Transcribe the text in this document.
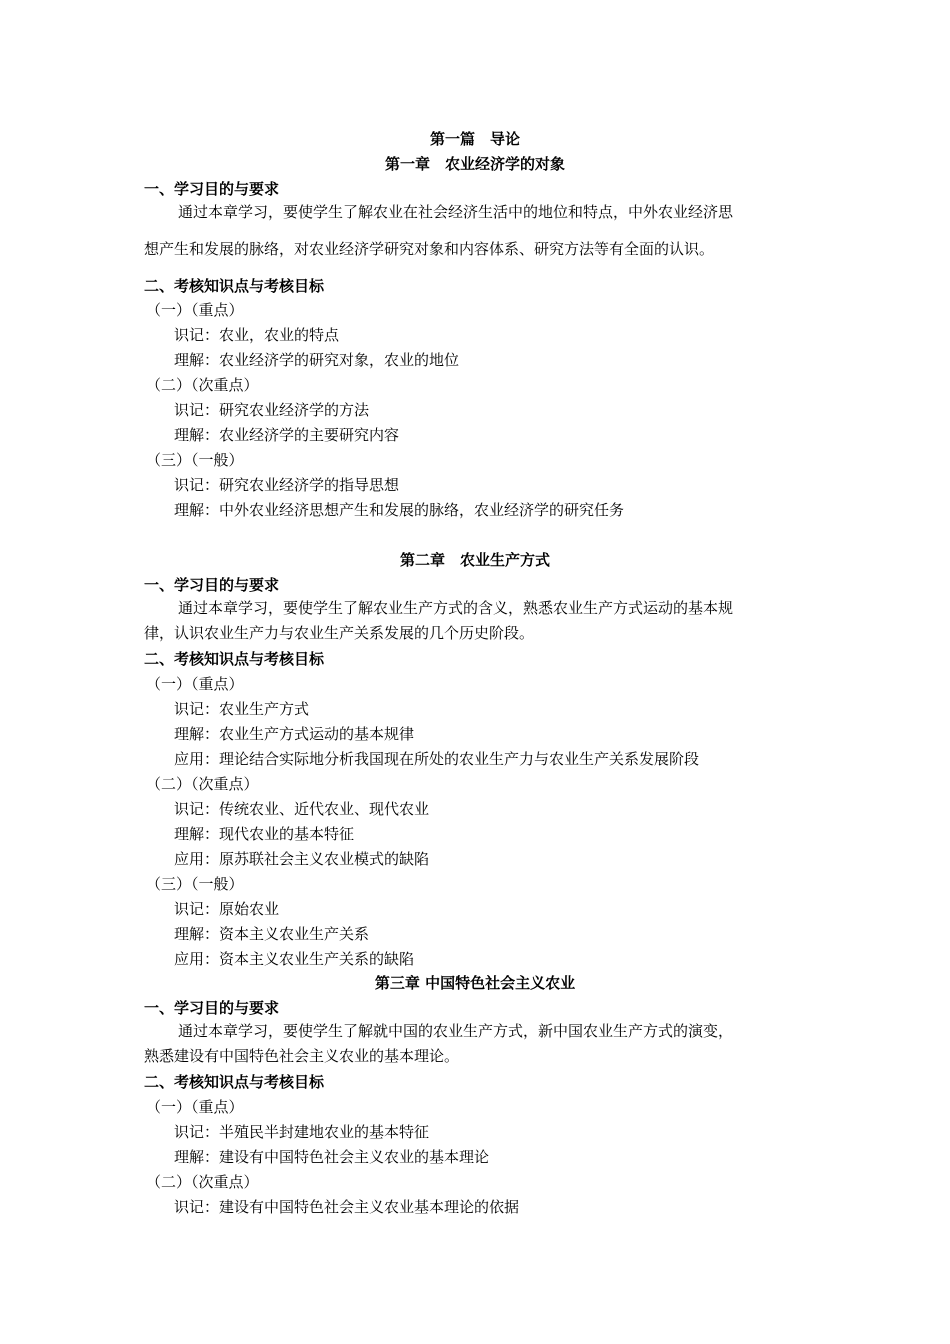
第一篇　导论
第一章　农业经济学的对象
一、学习目的与要求
通过本章学习，要使学生了解农业在社会经济生活中的地位和特点，中外农业经济思
想产生和发展的脉络，对农业经济学研究对象和内容体系、研究方法等有全面的认识。
二、考核知识点与考核目标
（一）（重点）
识记：农业，农业的特点
理解：农业经济学的研究对象，农业的地位
（二）（次重点）
识记：研究农业经济学的方法
理解：农业经济学的主要研究内容
（三）（一般）
识记：研究农业经济学的指导思想
理解：中外农业经济思想产生和发展的脉络，农业经济学的研究任务
第二章　农业生产方式
一、学习目的与要求
通过本章学习，要使学生了解农业生产方式的含义，熟悉农业生产方式运动的基本规
律，认识农业生产力与农业生产关系发展的几个历史阶段。
二、考核知识点与考核目标
（一）（重点）
识记：农业生产方式
理解：农业生产方式运动的基本规律
应用：理论结合实际地分析我国现在所处的农业生产力与农业生产关系发展阶段
（二）（次重点）
识记：传统农业、近代农业、现代农业
理解：现代农业的基本特征
应用：原苏联社会主义农业模式的缺陷
（三）（一般）
识记：原始农业
理解：资本主义农业生产关系
应用：资本主义农业生产关系的缺陷
第三章 中国特色社会主义农业
一、学习目的与要求
通过本章学习，要使学生了解就中国的农业生产方式，新中国农业生产方式的演变，
熟悉建设有中国特色社会主义农业的基本理论。
二、考核知识点与考核目标
（一）（重点）
识记：半殖民半封建地农业的基本特征
理解：建设有中国特色社会主义农业的基本理论
（二）（次重点）
识记：建设有中国特色社会主义农业基本理论的依据
